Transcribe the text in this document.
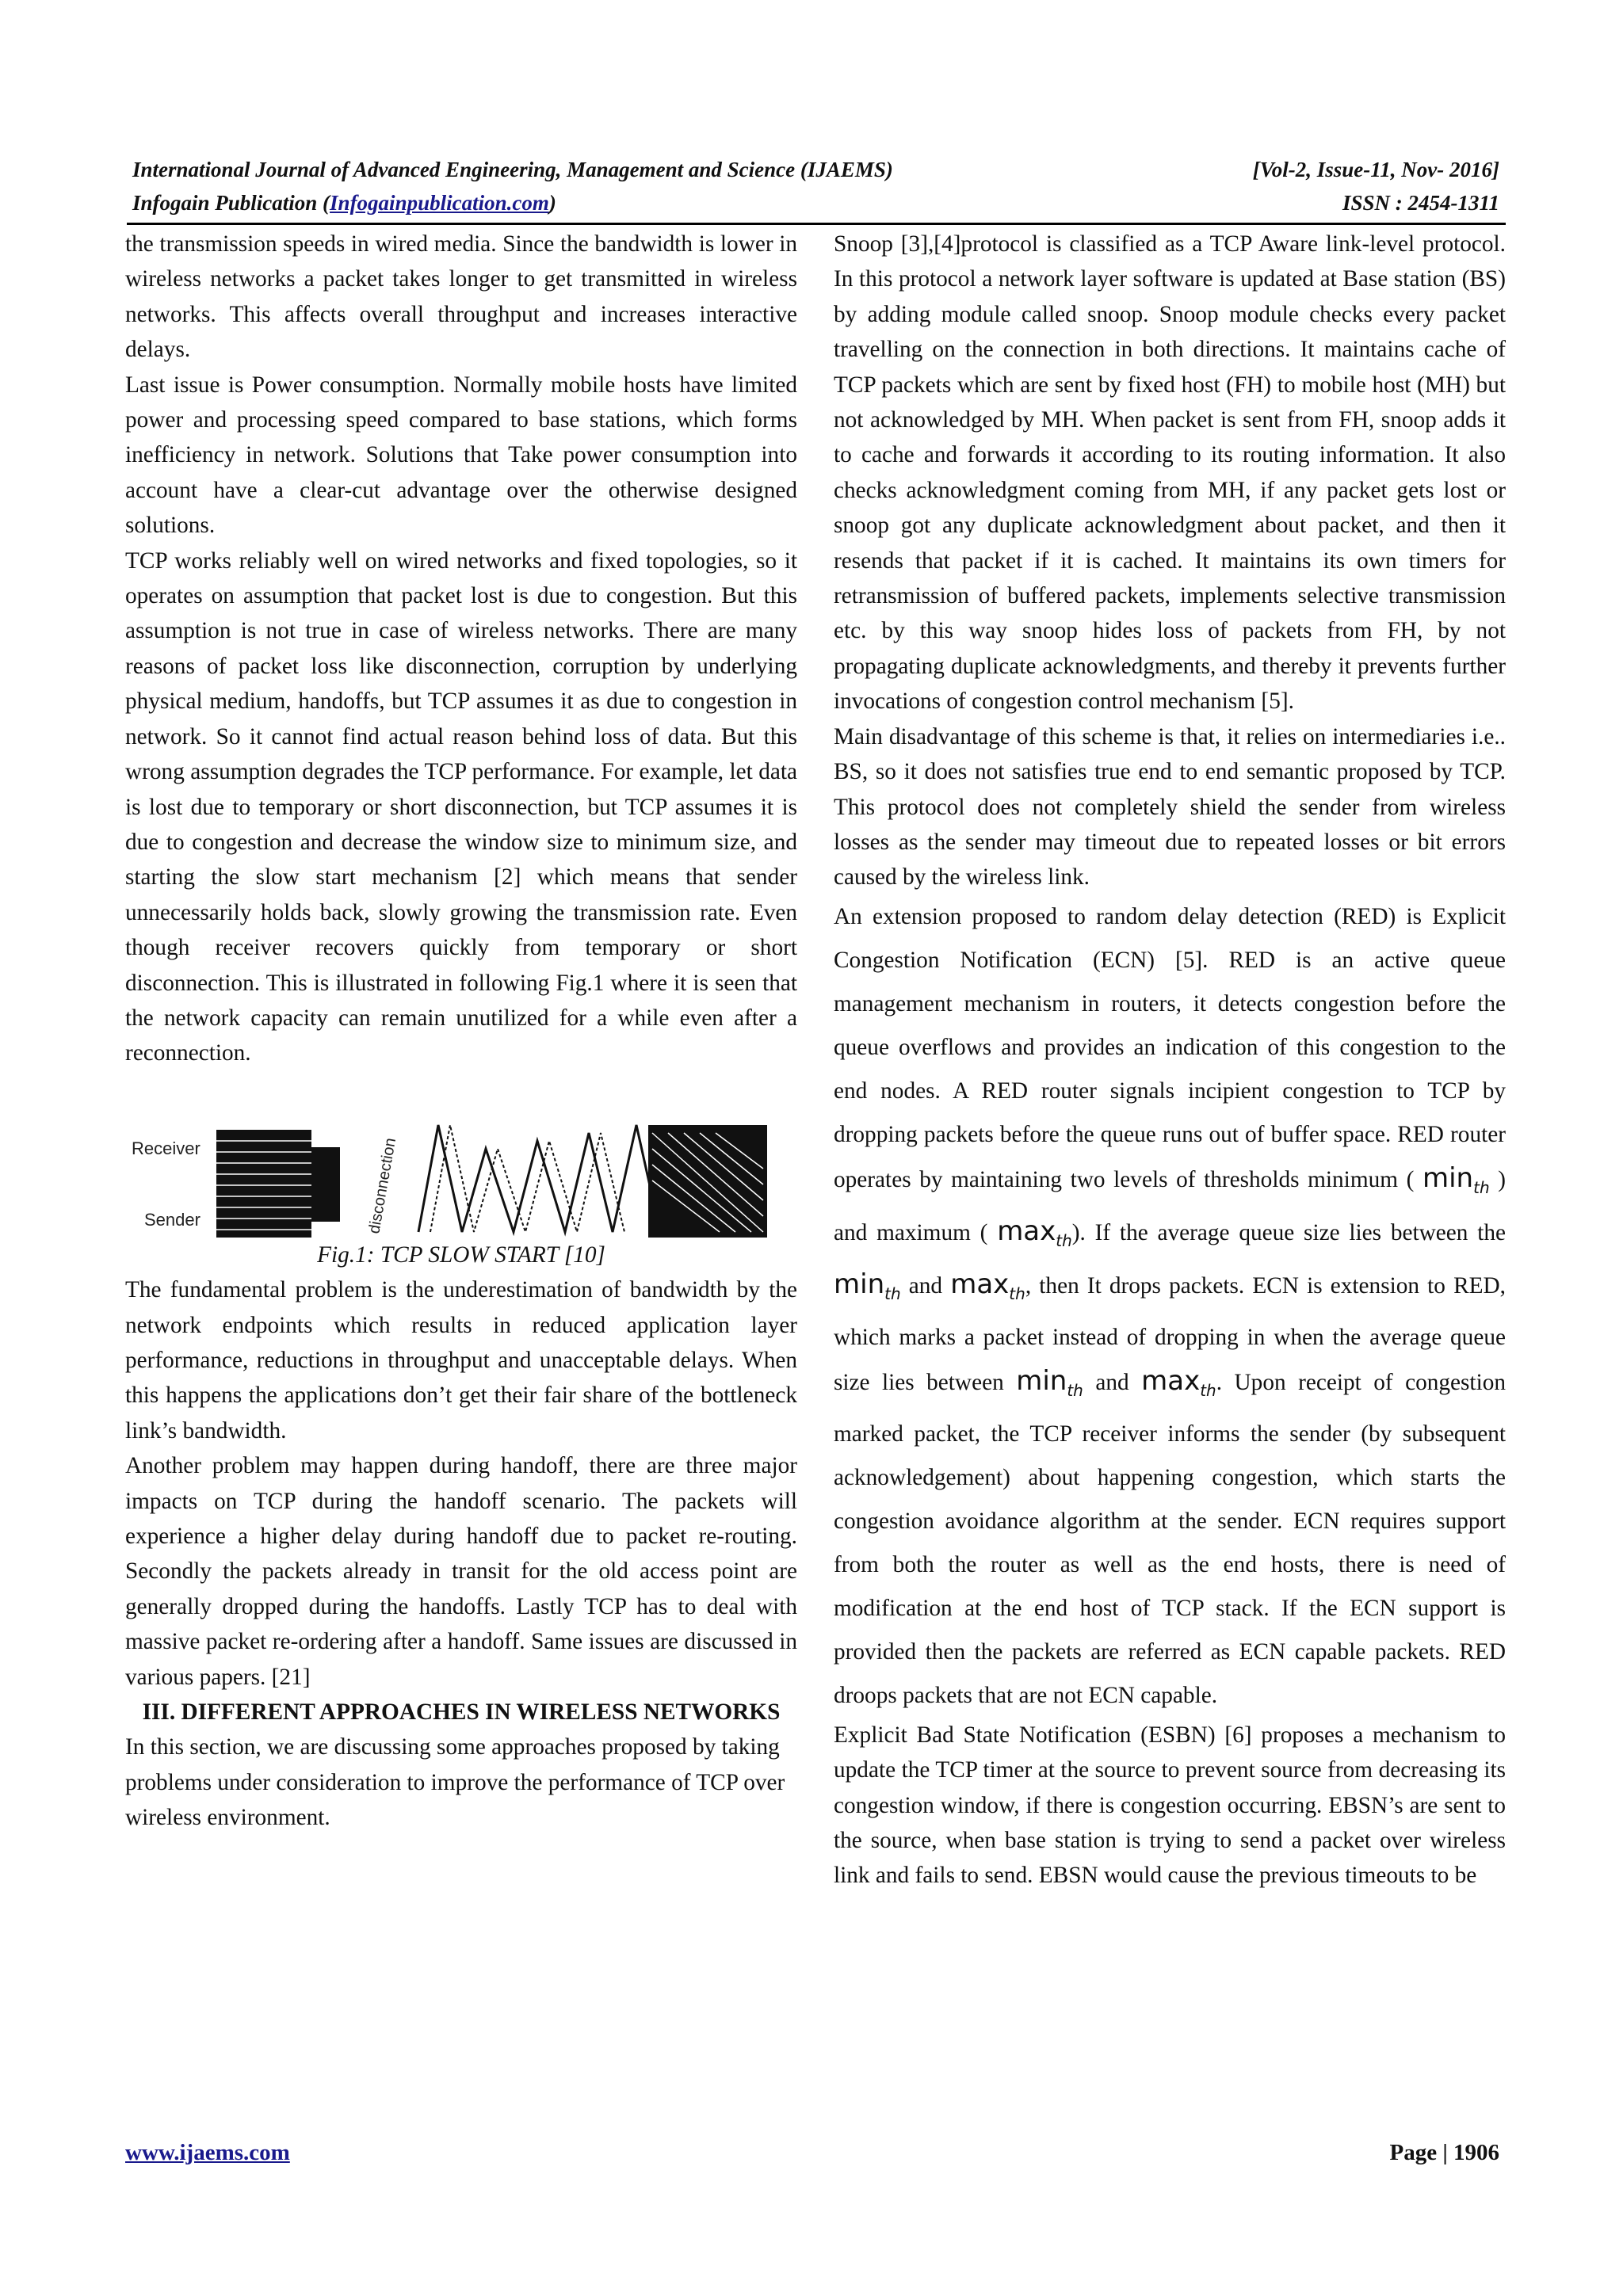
International Journal of Advanced Engineering, Management and Science (IJAEMS)	[Vol-2, Issue-11, Nov- 2016]
Infogain Publication (Infogainpublication.com)	ISSN : 2454-1311

the transmission speeds in wired media. Since the bandwidth is lower in wireless networks a packet takes longer to get transmitted in wireless networks. This affects overall throughput and increases interactive delays.

Last issue is Power consumption. Normally mobile hosts have limited power and processing speed compared to base stations, which forms inefficiency in network. Solutions that Take power consumption into account have a clear-cut advantage over the otherwise designed solutions.

TCP works reliably well on wired networks and fixed topologies, so it operates on assumption that packet lost is due to congestion. But this assumption is not true in case of wireless networks. There are many reasons of packet loss like disconnection, corruption by underlying physical medium, handoffs, but TCP assumes it as due to congestion in network. So it cannot find actual reason behind loss of data. But this wrong assumption degrades the TCP performance. For example, let data is lost due to temporary or short disconnection, but TCP assumes it is due to congestion and decrease the window size to minimum size, and starting the slow start mechanism [2] which means that sender unnecessarily holds back, slowly growing the transmission rate. Even though receiver recovers quickly from temporary or short disconnection. This is illustrated in following Fig.1 where it is seen that the network capacity can remain unutilized for a while even after a reconnection.

Receiver
Sender	disconnection

Fig.1: TCP SLOW START [10]

The fundamental problem is the underestimation of bandwidth by the network endpoints which results in reduced application layer performance, reductions in throughput and unacceptable delays. When this happens the applications don’t get their fair share of the bottleneck link’s bandwidth.

Another problem may happen during handoff, there are three major impacts on TCP during the handoff scenario. The packets will experience a higher delay during handoff due to packet re-routing. Secondly the packets already in transit for the old access point are generally dropped during the handoffs. Lastly TCP has to deal with massive packet re-ordering after a handoff. Same issues are discussed in various papers. [21]

III. DIFFERENT APPROACHES IN WIRELESS NETWORKS

In this section, we are discussing some approaches proposed by taking problems under consideration to improve the performance of TCP over wireless environment.

Snoop [3],[4]protocol is classified as a TCP Aware link-level protocol. In this protocol a network layer software is updated at Base station (BS) by adding module called snoop. Snoop module checks every packet travelling on the connection in both directions. It maintains cache of TCP packets which are sent by fixed host (FH) to mobile host (MH) but not acknowledged by MH. When packet is sent from FH, snoop adds it to cache and forwards it according to its routing information. It also checks acknowledgment coming from MH, if any packet gets lost or snoop got any duplicate acknowledgment about packet, and then it resends that packet if it is cached. It maintains its own timers for retransmission of buffered packets, implements selective transmission etc. by this way snoop hides loss of packets from FH, by not propagating duplicate acknowledgments, and thereby it prevents further invocations of congestion control mechanism [5].

Main disadvantage of this scheme is that, it relies on intermediaries i.e.. BS, so it does not satisfies true end to end semantic proposed by TCP. This protocol does not completely shield the sender from wireless losses as the sender may timeout due to repeated losses or bit errors caused by the wireless link.

An extension proposed to random delay detection (RED) is Explicit Congestion Notification (ECN) [5]. RED is an active queue management mechanism in routers, it detects congestion before the queue overflows and provides an indication of this congestion to the end nodes. A RED router signals incipient congestion to TCP by dropping packets before the queue runs out of buffer space. RED router operates by maintaining two levels of thresholds minimum ( $\min_{th}$ ) and maximum ( $\max_{th}$). If the average queue size lies between the $\min_{th}$ and $\max_{th}$, then It drops packets. ECN is extension to RED, which marks a packet instead of dropping in when the average queue size lies between $\min_{th}$ and $\max_{th}$. Upon receipt of congestion marked packet, the TCP receiver informs the sender (by subsequent acknowledgement) about happening congestion, which starts the congestion avoidance algorithm at the sender. ECN requires support from both the router as well as the end hosts, there is need of modification at the end host of TCP stack. If the ECN support is provided then the packets are referred as ECN capable packets. RED droops packets that are not ECN capable.

Explicit Bad State Notification (ESBN) [6] proposes a mechanism to update the TCP timer at the source to prevent source from decreasing its congestion window, if there is congestion occurring. EBSN’s are sent to the source, when base station is trying to send a packet over wireless link and fails to send. EBSN would cause the previous timeouts to be

www.ijaems.com	Page | 1906
